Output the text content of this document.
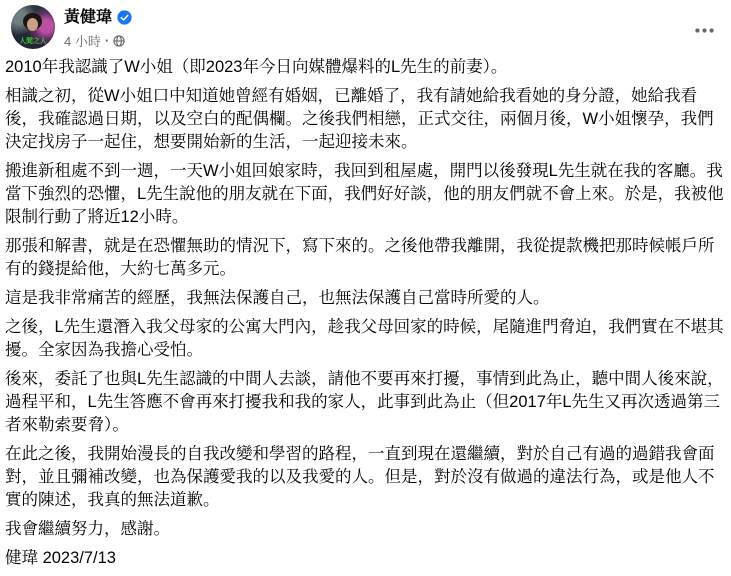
人間之人
黃健瑋
4 小時 ·

2010年我認識了W小姐（即2023年今日向媒體爆料的L先生的前妻）。

相識之初，從W小姐口中知道她曾經有婚姻，已離婚了，我有請她給我看她的身分證，她給我看後，我確認過日期，以及空白的配偶欄。之後我們相戀，正式交往，兩個月後，W小姐懷孕，我們決定找房子一起住，想要開始新的生活，一起迎接未來。

搬進新租處不到一週，一天W小姐回娘家時，我回到租屋處，開門以後發現L先生就在我的客廳。我當下強烈的恐懼，L先生說他的朋友就在下面，我們好好談，他的朋友們就不會上來。於是，我被他限制行動了將近12小時。

那張和解書，就是在恐懼無助的情況下，寫下來的。之後他帶我離開，我從提款機把那時候帳戶所有的錢提給他，大約七萬多元。

這是我非常痛苦的經歷，我無法保護自己，也無法保護自己當時所愛的人。

之後，L先生還潛入我父母家的公寓大門內，趁我父母回家的時候，尾隨進門脅迫，我們實在不堪其擾。全家因為我擔心受怕。

後來，委託了也與L先生認識的中間人去談，請他不要再來打擾，事情到此為止，聽中間人後來說，過程平和，L先生答應不會再來打擾我和我的家人，此事到此為止（但2017年L先生又再次透過第三者來勒索要脅）。

在此之後，我開始漫長的自我改變和學習的路程，一直到現在還繼續，對於自己有過的過錯我會面對，並且彌補改變，也為保護愛我的以及我愛的人。但是，對於沒有做過的違法行為，或是他人不實的陳述，我真的無法道歉。

我會繼續努力，感謝。

健瑋 2023/7/13
